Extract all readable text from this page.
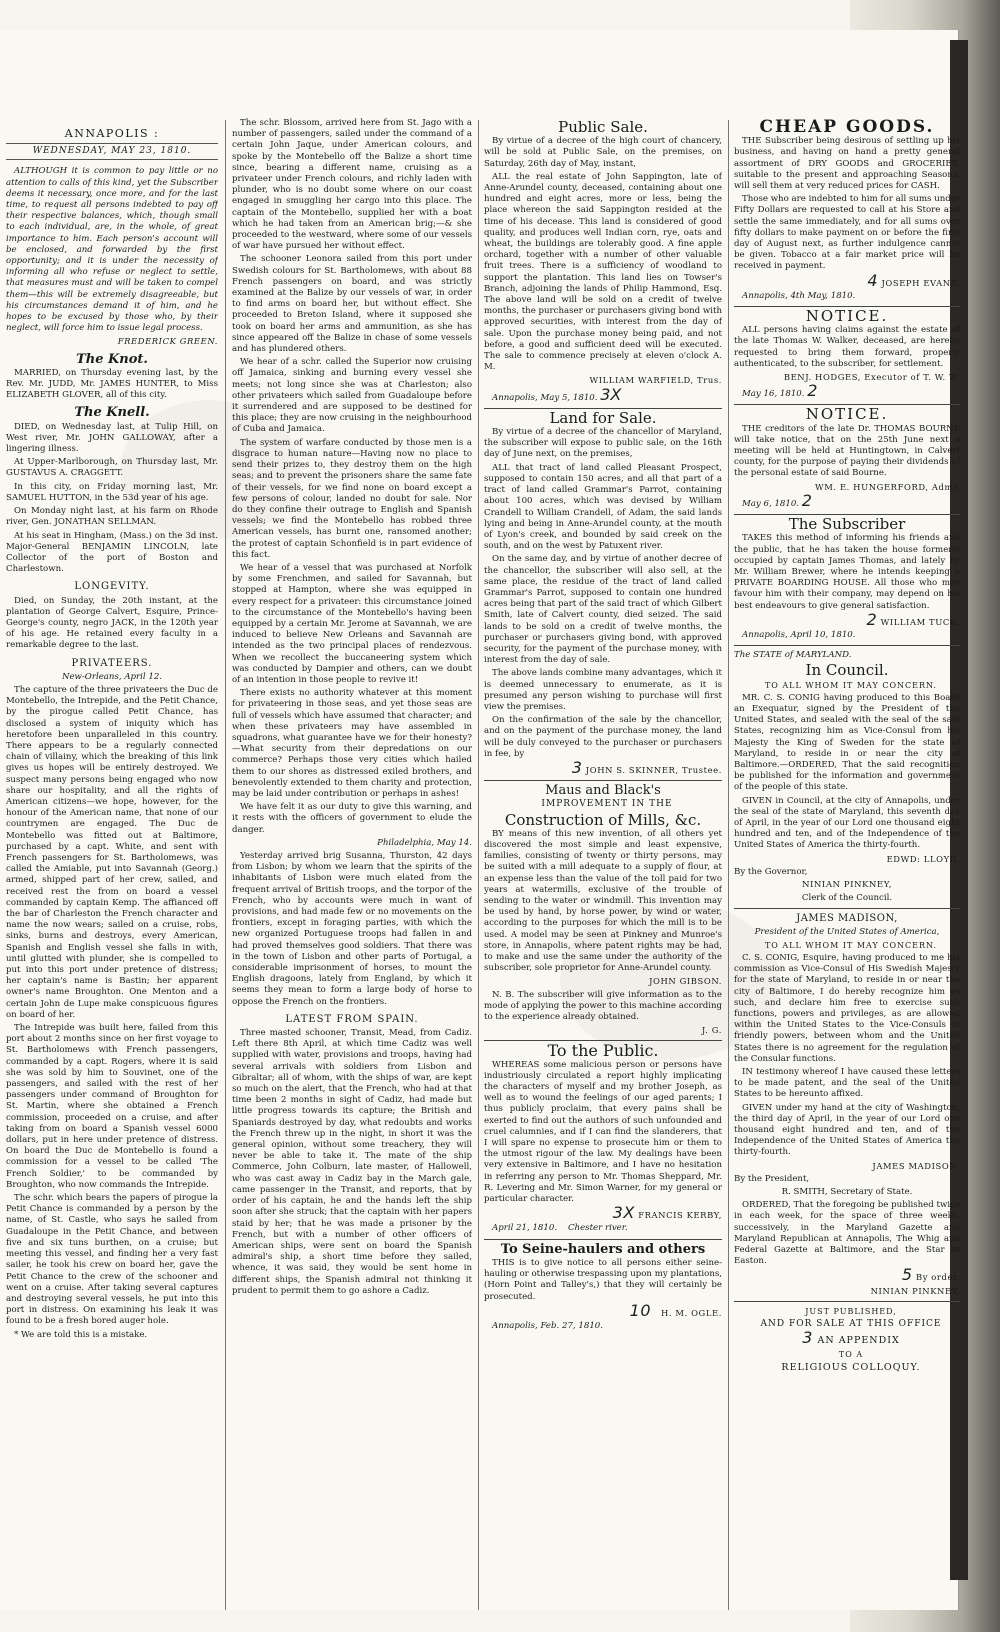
ANNAPOLIS :
WEDNESDAY, MAY 23, 1810.

ALTHOUGH it is common to pay little or no attention to calls of this kind, yet the Subscriber deems it necessary, once more, and for the last time, to request all persons indebted to pay off their respective balances, which, though small to each individual, are, in the whole, of great importance to him. Each person's account will be enclosed, and forwarded by the first opportunity; and it is under the necessity of informing all who refuse or neglect to settle, that measures must and will be taken to compel them—this will be extremely disagreeable, but his circumstances demand it of him, and he hopes to be excused by those who, by their neglect, will force him to issue legal process.

FREDERICK GREEN.

The Knot.

MARRIED, on Thursday evening last, by the Rev. Mr. JUDD, Mr. JAMES HUNTER, to Miss ELIZABETH GLOVER, all of this city.

The Knell.

DIED, on Wednesday last, at Tulip Hill, on West river, Mr. JOHN GALLOWAY, after a lingering illness.

At Upper-Marlborough, on Thursday last, Mr. GUSTAVUS A. CRAGGETT.

In this city, on Friday morning last, Mr. SAMUEL HUTTON, in the 53d year of his age.

On Monday night last, at his farm on Rhode river, Gen. JONATHAN SELLMAN.

At his seat in Hingham, (Mass.) on the 3d inst. Major-General BENJAMIN LINCOLN, late Collector of the port of Boston and Charlestown.

LONGEVITY.

Died, on Sunday, the 20th instant, at the plantation of George Calvert, Esquire, Prince-George's county, negro JACK, in the 120th year of his age. He retained every faculty in a remarkable degree to the last.

PRIVATEERS.

New-Orleans, April 12.

The capture of the three privateers the Duc de Montebello, the Intrepide, and the Petit Chance, by the pirogue called Petit Chance, has disclosed a system of iniquity which has heretofore been unparalleled in this country. There appears to be a regularly connected chain of villainy, which the breaking of this link gives us hopes will be entirely destroyed. We suspect many persons being engaged who now share our hospitality, and all the rights of American citizens—we hope, however, for the honour of the American name, that none of our countrymen are engaged. The Duc de Montebello was fitted out at Baltimore, purchased by a capt. White, and sent with French passengers for St. Bartholomews, was called the Amiable, put into Savannah (Georg.) armed, shipped part of her crew, sailed, and received rest the from on board a vessel commanded by captain Kemp. The affianced off the bar of Charleston the French character and name the now wears; sailed on a cruise, robs, sinks, burns and destroys, every American, Spanish and English vessel she falls in with, until glutted with plunder, she is compelled to put into this port under pretence of distress; her captain's name is Bastin; her apparent owner's name Broughton. One Menton and a certain John de Lupe make conspicuous figures on board of her.

The Intrepide was built here, failed from this port about 2 months since on her first voyage to St. Bartholomews with French passengers, commanded by a capt. Rogers, where it is said she was sold by him to Souvinet, one of the passengers, and sailed with the rest of her passengers under command of Broughton for St. Martin, where she obtained a French commission, proceeded on a cruise, and after taking from on board a Spanish vessel 6000 dollars, put in here under pretence of distress. On board the Duc de Montebello is found a commission for a vessel to be called 'The French Soldier,' to be commanded by Broughton, who now commands the Intrepide.

The schr. which bears the papers of pirogue la Petit Chance is commanded by a person by the name, of St. Castle, who says he sailed from Guadaloupe in the Petit Chance, and between five and six tuns burthen, on a cruise; but meeting this vessel, and finding her a very fast sailer, he took his crew on board her, gave the Petit Chance to the crew of the schooner and went on a cruise. After taking several captures and destroying several vessels, he put into this port in distress. On examining his leak it was found to be a fresh bored auger hole.

* We are told this is a mistake.

The schr. Blossom, arrived here from St. Jago with a number of passengers, sailed under the command of a certain John Jaque, under American colours, and spoke by the Montebello off the Balize a short time since, bearing a different name, cruising as a privateer under French colours, and richly laden with plunder, who is no doubt some where on our coast engaged in smuggling her cargo into this place. The captain of the Montebello, supplied her with a boat which he had taken from an American brig;—& she proceeded to the westward, where some of our vessels of war have pursued her without effect.

The schooner Leonora sailed from this port under Swedish colours for St. Bartholomews, with about 88 French passengers on board, and was strictly examined at the Balize by our vessels of war, in order to find arms on board her, but without effect. She proceeded to Breton Island, where it supposed she took on board her arms and ammunition, as she has since appeared off the Balize in chase of some vessels and has plundered others.

We hear of a schr. called the Superior now cruising off Jamaica, sinking and burning every vessel she meets; not long since she was at Charleston; also other privateers which sailed from Guadaloupe before it surrendered and are supposed to be destined for this place; they are now cruising in the neighbourhood of Cuba and Jamaica.

The system of warfare conducted by those men is a disgrace to human nature—Having now no place to send their prizes to, they destroy them on the high seas; and to prevent the prisoners share the same fate of their vessels, for we find none on board except a few persons of colour, landed no doubt for sale. Nor do they confine their outrage to English and Spanish vessels; we find the Montebello has robbed three American vessels, has burnt one, ransomed another; the protest of captain Schonfield is in part evidence of this fact.

We hear of a vessel that was purchased at Norfolk by some Frenchmen, and sailed for Savannah, but stopped at Hampton, where she was equipped in every respect for a privateer: this circumstance joined to the circumstance of the Montebello's having been equipped by a certain Mr. Jerome at Savannah, we are induced to believe New Orleans and Savannah are intended as the two principal places of rendezvous. When we recollect the buccaneering system which was conducted by Dampier and others, can we doubt of an intention in those people to revive it!

There exists no authority whatever at this moment for privateering in those seas, and yet those seas are full of vessels which have assumed that character; and when these privateers may have assembled in squadrons, what guarantee have we for their honesty?—What security from their depredations on our commerce? Perhaps those very cities which hailed them to our shores as distressed exiled brothers, and benevolently extended to them charity and protection, may be laid under contribution or perhaps in ashes!

We have felt it as our duty to give this warning, and it rests with the officers of government to elude the danger.

Philadelphia, May 14.

Yesterday arrived brig Susanna, Thurston, 42 days from Lisbon; by whom we learn that the spirits of the inhabitants of Lisbon were much elated from the frequent arrival of British troops, and the torpor of the French, who by accounts were much in want of provisions, and had made few or no movements on the frontiers, except in foraging parties, with which the new organized Portuguese troops had fallen in and had proved themselves good soldiers. That there was in the town of Lisbon and other parts of Portugal, a considerable imprisonment of horses, to mount the English dragoons, lately from England, by which it seems they mean to form a large body of horse to oppose the French on the frontiers.

LATEST FROM SPAIN.

Three masted schooner, Transit, Mead, from Cadiz. Left there 8th April, at which time Cadiz was well supplied with water, provisions and troops, having had several arrivals with soldiers from Lisbon and Gibraltar; all of whom, with the ships of war, are kept so much on the alert, that the French, who had at that time been 2 months in sight of Cadiz, had made but little progress towards its capture; the British and Spaniards destroyed by day, what redoubts and works the French threw up in the night, in short it was the general opinion, without some treachery, they will never be able to take it. The mate of the ship Commerce, John Colburn, late master, of Hallowell, who was cast away in Cadiz bay in the March gale, came passenger in the Transit, and reports, that by order of his captain, he and the hands left the ship soon after she struck; that the captain with her papers staid by her; that he was made a prisoner by the French, but with a number of other officers of American ships, were sent on board the Spanish admiral's ship, a short time before they sailed, whence, it was said, they would be sent home in different ships, the Spanish admiral not thinking it prudent to permit them to go ashore a Cadiz.

Public Sale.

By virtue of a decree of the high court of chancery, will be sold at Public Sale, on the premises, on Saturday, 26th day of May, instant,

ALL the real estate of John Sappington, late of Anne-Arundel county, deceased, containing about one hundred and eight acres, more or less, being the place whereon the said Sappington resided at the time of his decease. This land is considered of good quality, and produces well Indian corn, rye, oats and wheat, the buildings are tolerably good. A fine apple orchard, together with a number of other valuable fruit trees. There is a sufficiency of woodland to support the plantation. This land lies on Towser's Branch, adjoining the lands of Philip Hammond, Esq. The above land will be sold on a credit of twelve months, the purchaser or purchasers giving bond with approved securities, with interest from the day of sale. Upon the purchase money being paid, and not before, a good and sufficient deed will be executed. The sale to commence precisely at eleven o'clock A. M.

WILLIAM WARFIELD, Trus.

Annapolis, May 5, 1810. 3X

Land for Sale.

By virtue of a decree of the chancellor of Maryland, the subscriber will expose to public sale, on the 16th day of June next, on the premises,

ALL that tract of land called Pleasant Prospect, supposed to contain 150 acres, and all that part of a tract of land called Grammar's Parrot, containing about 100 acres, which was devised by William Crandell to William Crandell, of Adam, the said lands lying and being in Anne-Arundel county, at the mouth of Lyon's creek, and bounded by said creek on the south, and on the west by Patuxent river.

On the same day, and by virtue of another decree of the chancellor, the subscriber will also sell, at the same place, the residue of the tract of land called Grammar's Parrot, supposed to contain one hundred acres being that part of the said tract of which Gilbert Smith, late of Calvert county, died seized. The said lands to be sold on a credit of twelve months, the purchaser or purchasers giving bond, with approved security, for the payment of the purchase money, with interest from the day of sale.

The above lands combine many advantages, which it is deemed unnecessary to enumerate, as it is presumed any person wishing to purchase will first view the premises.

On the confirmation of the sale by the chancellor, and on the payment of the purchase money, the land will be duly conveyed to the purchaser or purchasers in fee, by

3 JOHN S. SKINNER, Trustee.

Maus and Black's

IMPROVEMENT IN THE

Construction of Mills, &c.

BY means of this new invention, of all others yet discovered the most simple and least expensive, families, consisting of twenty or thirty persons, may be suited with a mill adequate to a supply of flour, at an expense less than the value of the toll paid for two years at watermills, exclusive of the trouble of sending to the water or windmill. This invention may be used by hand, by horse power, by wind or water, according to the purposes for which the mill is to be used. A model may be seen at Pinkney and Munroe's store, in Annapolis, where patent rights may be had, to make and use the same under the authority of the subscriber, sole proprietor for Anne-Arundel county.

JOHN GIBSON.

N. B. The subscriber will give information as to the mode of applying the power to this machine according to the experience already obtained.

J. G.

To the Public.

WHEREAS some malicious person or persons have industriously circulated a report highly implicating the characters of myself and my brother Joseph, as well as to wound the feelings of our aged parents; I thus publicly proclaim, that every pains shall be exerted to find out the authors of such unfounded and cruel calumnies, and if I can find the slanderers, that I will spare no expense to prosecute him or them to the utmost rigour of the law. My dealings have been very extensive in Baltimore, and I have no hesitation in referring any person to Mr. Thomas Sheppard, Mr. R. Levering and Mr. Simon Warner, for my general or particular character.

3X FRANCIS KERBY,

April 21, 1810. Chester river.

To Seine-haulers and others

THIS is to give notice to all persons either seine-hauling or otherwise trespassing upon my plantations, (Horn Point and Talley's,) that they will certainly be prosecuted.

10 H. M. OGLE.

Annapolis, Feb. 27, 1810.

CHEAP GOODS.

THE Subscriber being desirous of settling up his business, and having on hand a pretty general assortment of DRY GOODS and GROCERIES, suitable to the present and approaching Seasons, will sell them at very reduced prices for CASH.

Those who are indebted to him for all sums under Fifty Dollars are requested to call at his Store and settle the same immediately, and for all sums over fifty dollars to make payment on or before the first day of August next, as further indulgence cannot be given. Tobacco at a fair market price will be received in payment.

4 JOSEPH EVANS.

Annapolis, 4th May, 1810.

NOTICE.

ALL persons having claims against the estate of the late Thomas W. Walker, deceased, are hereby requested to bring them forward, properly authenticated, to the subscriber, for settlement.

BENJ. HODGES, Executor of T. W. W.

May 16, 1810. 2

NOTICE.

THE creditors of the late Dr. THOMAS BOURNE will take notice, that on the 25th June next a meeting will be held at Huntingtown, in Calvert county, for the purpose of paying their dividends of the personal estate of said Bourne.

WM. E. HUNGERFORD, Admr.

May 6, 1810. 2

The Subscriber

TAKES this method of informing his friends and the public, that he has taken the house formerly occupied by captain James Thomas, and lately by Mr. William Brewer, where he intends keeping a PRIVATE BOARDING HOUSE. All those who may favour him with their company, may depend on his best endeavours to give general satisfaction.

2 WILLIAM TUCK.

Annapolis, April 10, 1810.

The STATE of MARYLAND.

In Council.

TO ALL WHOM IT MAY CONCERN.

MR. C. S. CONIG having produced to this Board an Exequatur, signed by the President of the United States, and sealed with the seal of the said States, recognizing him as Vice-Consul from his Majesty the King of Sweden for the state of Maryland, to reside in or near the city of Baltimore.—ORDERED, That the said recognition be published for the information and government of the people of this state.

GIVEN in Council, at the city of Annapolis, under the seal of the state of Maryland, this seventh day of April, in the year of our Lord one thousand eight hundred and ten, and of the Independence of the United States of America the thirty-fourth.

EDWD: LLOYD.

By the Governor,

NINIAN PINKNEY,

Clerk of the Council.

JAMES MADISON,

President of the United States of America,

TO ALL WHOM IT MAY CONCERN.

C. S. CONIG, Esquire, having produced to me his commission as Vice-Consul of His Swedish Majesty for the state of Maryland, to reside in or near the city of Baltimore, I do hereby recognize him as such, and declare him free to exercise such functions, powers and privileges, as are allowed within the United States to the Vice-Consuls of friendly powers, between whom and the United States there is no agreement for the regulation of the Consular functions.

IN testimony whereof I have caused these letters to be made patent, and the seal of the United States to be hereunto affixed.

GIVEN under my hand at the city of Washington, the third day of April, in the year of our Lord one thousand eight hundred and ten, and of the Independence of the United States of America the thirty-fourth.

JAMES MADISON.

By the President,

R. SMITH, Secretary of State.

ORDERED, That the foregoing be published twice in each week, for the space of three weeks, successively, in the Maryland Gazette and Maryland Republican at Annapolis, The Whig and Federal Gazette at Baltimore, and the Star at Easton.

5 By order,

NINIAN PINKNEY.

JUST PUBLISHED,

AND FOR SALE AT THIS OFFICE

3 AN APPENDIX

TO A

RELIGIOUS COLLOQUY.
